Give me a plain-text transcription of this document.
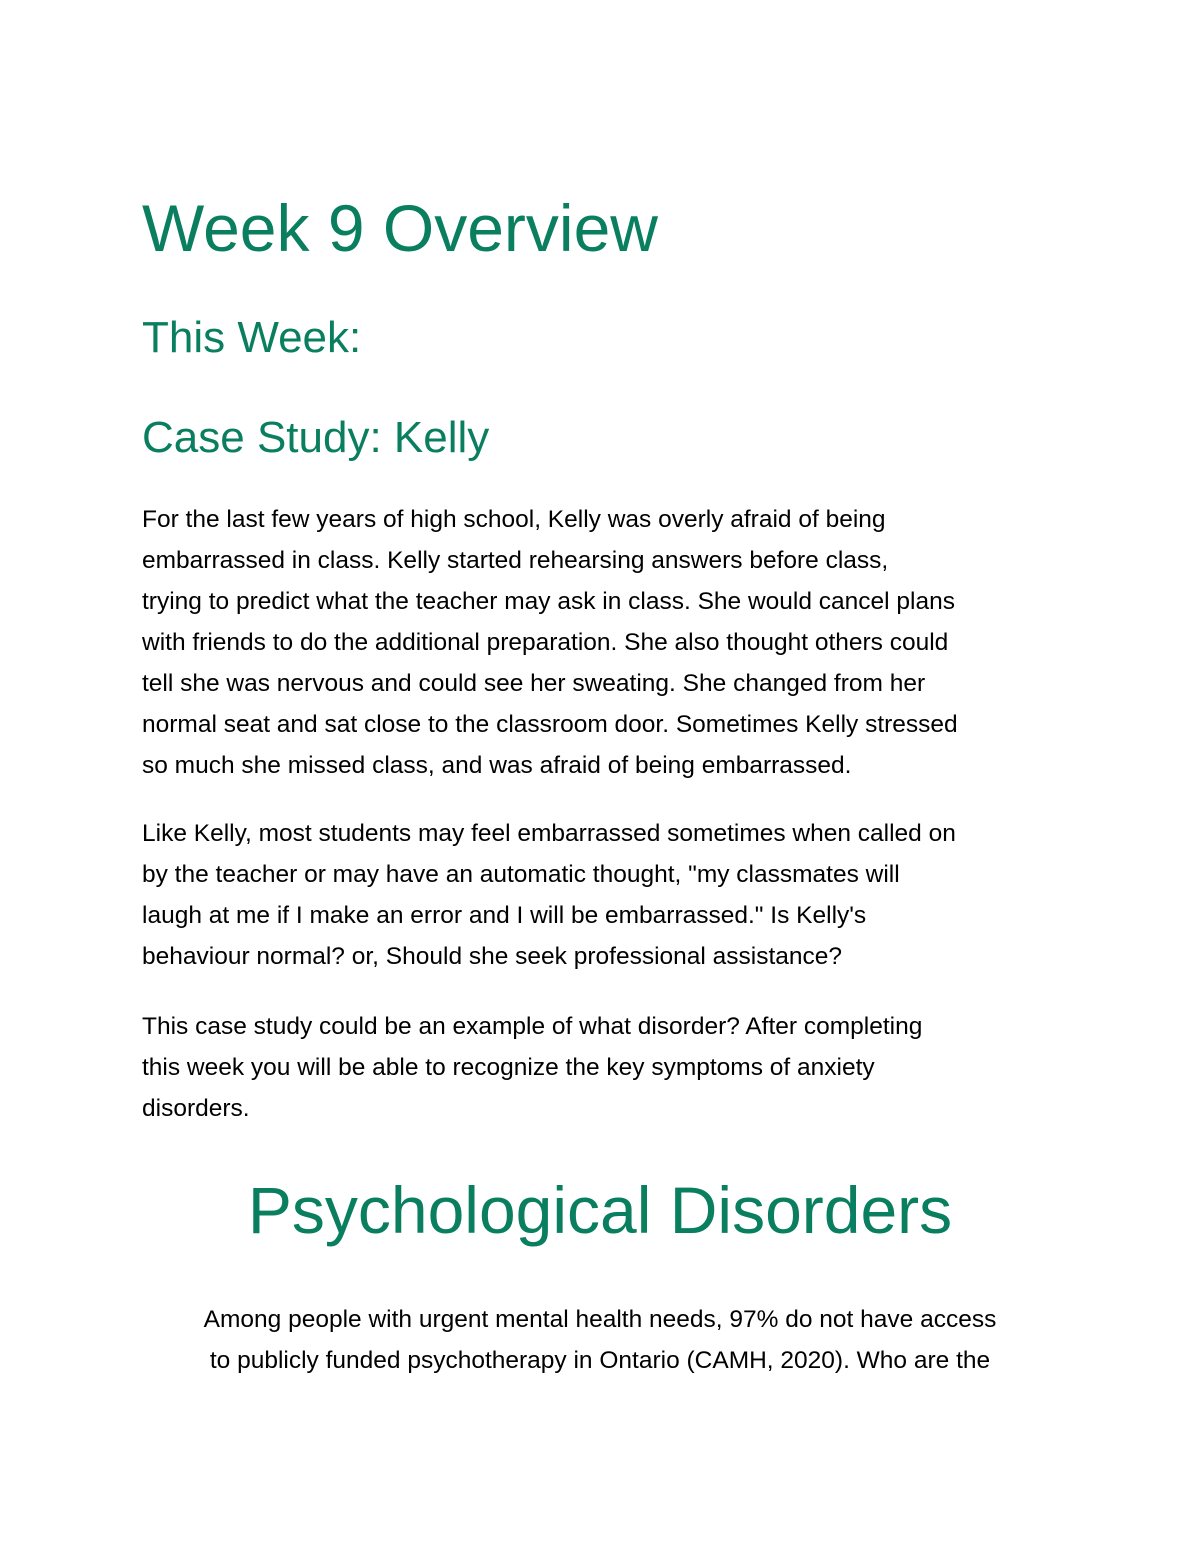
Week 9 Overview
This Week:
Case Study: Kelly

For the last few years of high school, Kelly was overly afraid of being
embarrassed in class. Kelly started rehearsing answers before class,
trying to predict what the teacher may ask in class. She would cancel plans
with friends to do the additional preparation. She also thought others could
tell she was nervous and could see her sweating. She changed from her
normal seat and sat close to the classroom door. Sometimes Kelly stressed
so much she missed class, and was afraid of being embarrassed.

Like Kelly, most students may feel embarrassed sometimes when called on
by the teacher or may have an automatic thought, "my classmates will
laugh at me if I make an error and I will be embarrassed." Is Kelly's
behaviour normal? or, Should she seek professional assistance?

This case study could be an example of what disorder? After completing
this week you will be able to recognize the key symptoms of anxiety
disorders.

Psychological Disorders

Among people with urgent mental health needs, 97% do not have access
to publicly funded psychotherapy in Ontario (CAMH, 2020). Who are the
